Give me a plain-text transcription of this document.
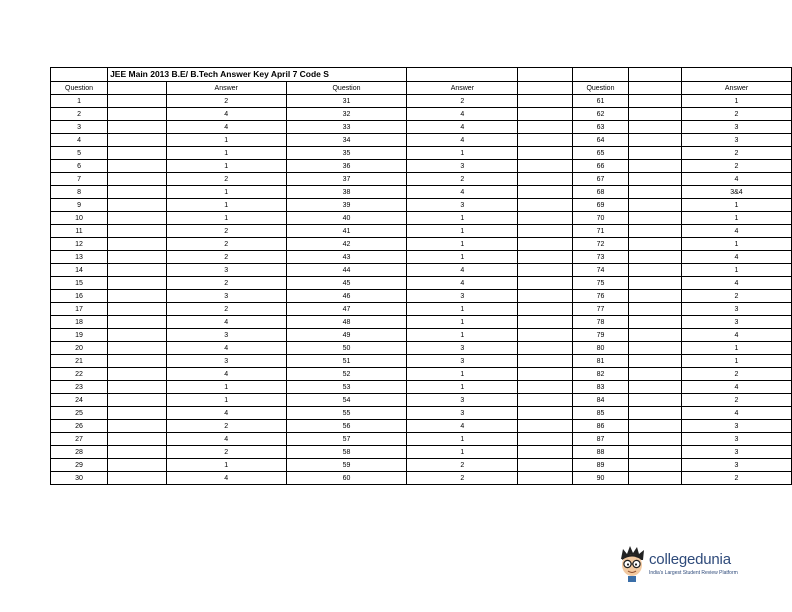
	JEE Main 2013 B.E/ B.Tech Answer Key April 7 Code S							
Question		Answer	Question	Answer		Question		Answer
1		2	31	2		61		1
2		4	32	4		62		2
3		4	33	4		63		3
4		1	34	4		64		3
5		1	35	1		65		2
6		1	36	3		66		2
7		2	37	2		67		4
8		1	38	4		68		3&4
9		1	39	3		69		1
10		1	40	1		70		1
11		2	41	1		71		4
12		2	42	1		72		1
13		2	43	1		73		4
14		3	44	4		74		1
15		2	45	4		75		4
16		3	46	3		76		2
17		2	47	1		77		3
18		4	48	1		78		3
19		3	49	1		79		4
20		4	50	3		80		1
21		3	51	3		81		1
22		4	52	1		82		2
23		1	53	1		83		4
24		1	54	3		84		2
25		4	55	3		85		4
26		2	56	4		86		3
27		4	57	1		87		3
28		2	58	1		88		3
29		1	59	2		89		3
30		4	60	2		90		2
collegedunia
India's Largest Student Review Platform
